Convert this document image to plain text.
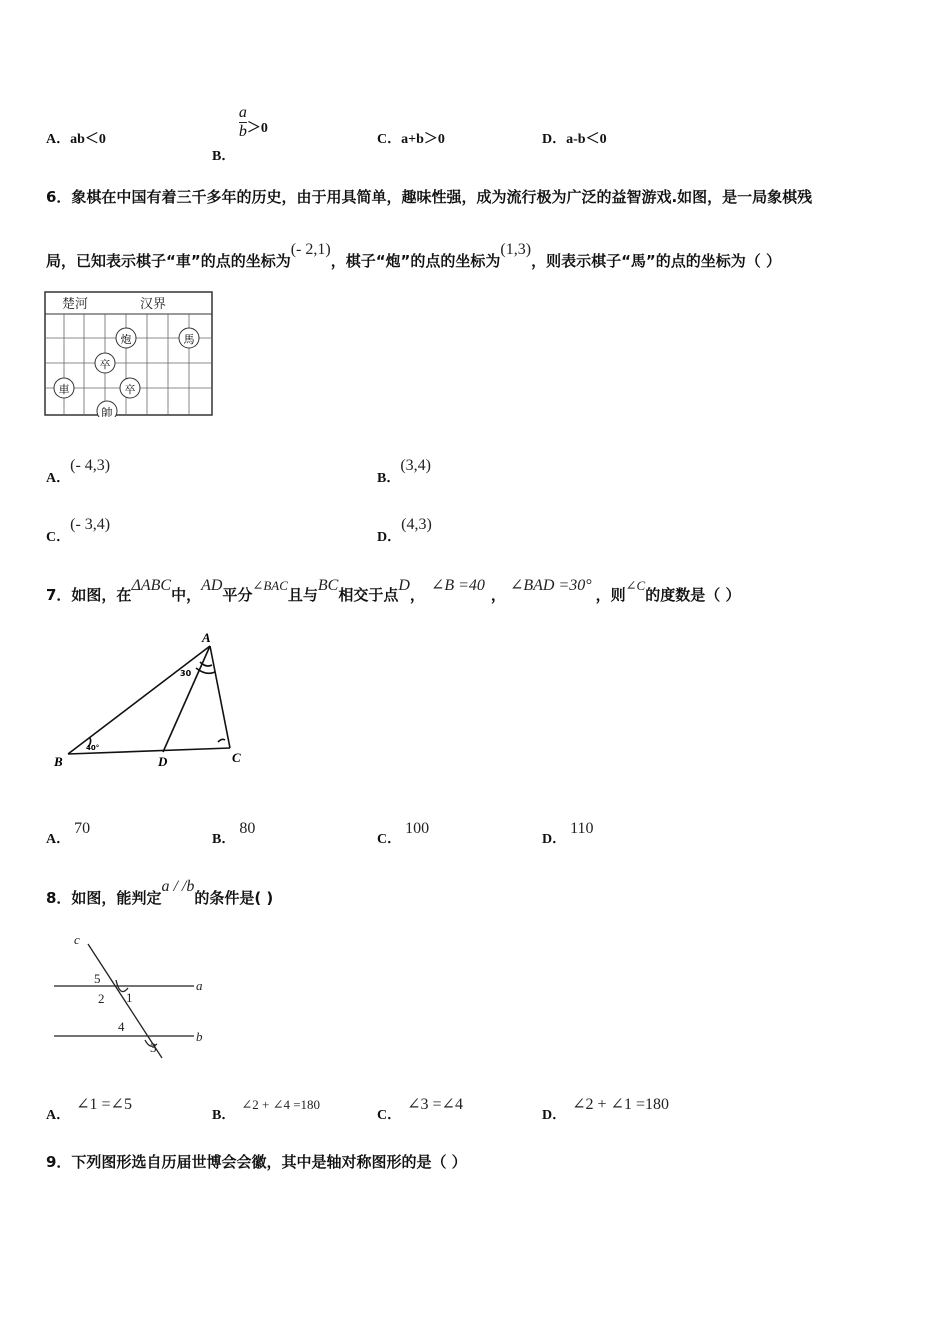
A．ab＜0
B．
$\frac{a}{b} >0$
C．a+b＞0	D．a-b＜0
6．象棋在中国有着三千多年的历史，由于用具简单，趣味性强，成为流行极为广泛的益智游戏.如图，是一局象棋残
局，已知表示棋子“車”的点的坐标为(- 2,1)，棋子“炮”的点的坐标为(1,3)，则表示棋子“馬”的点的坐标为（ ）
楚河	汉界
炮	馬
卒
車	卒
帥
A．(- 4,3)
B．(3,4)
C．(- 3,4)
D．(4,3)
7．如图，在ΔABC中，AD平分∠BAC且与BC相交于点D，∠B =40，∠BAD =30°，则∠C的度数是（ ）
A
B	C
D
30
40°
A．70
B．80
C．100
D．110
8．如图，能判定a / /b的条件是( )
c
a
b
5
2 1
4
3
A．∠1 =∠5
B．∠2 + ∠4 =180
C．∠3 =∠4
D．∠2 + ∠1 =180
9．下列图形选自历届世博会会徽，其中是轴对称图形的是（ ）
